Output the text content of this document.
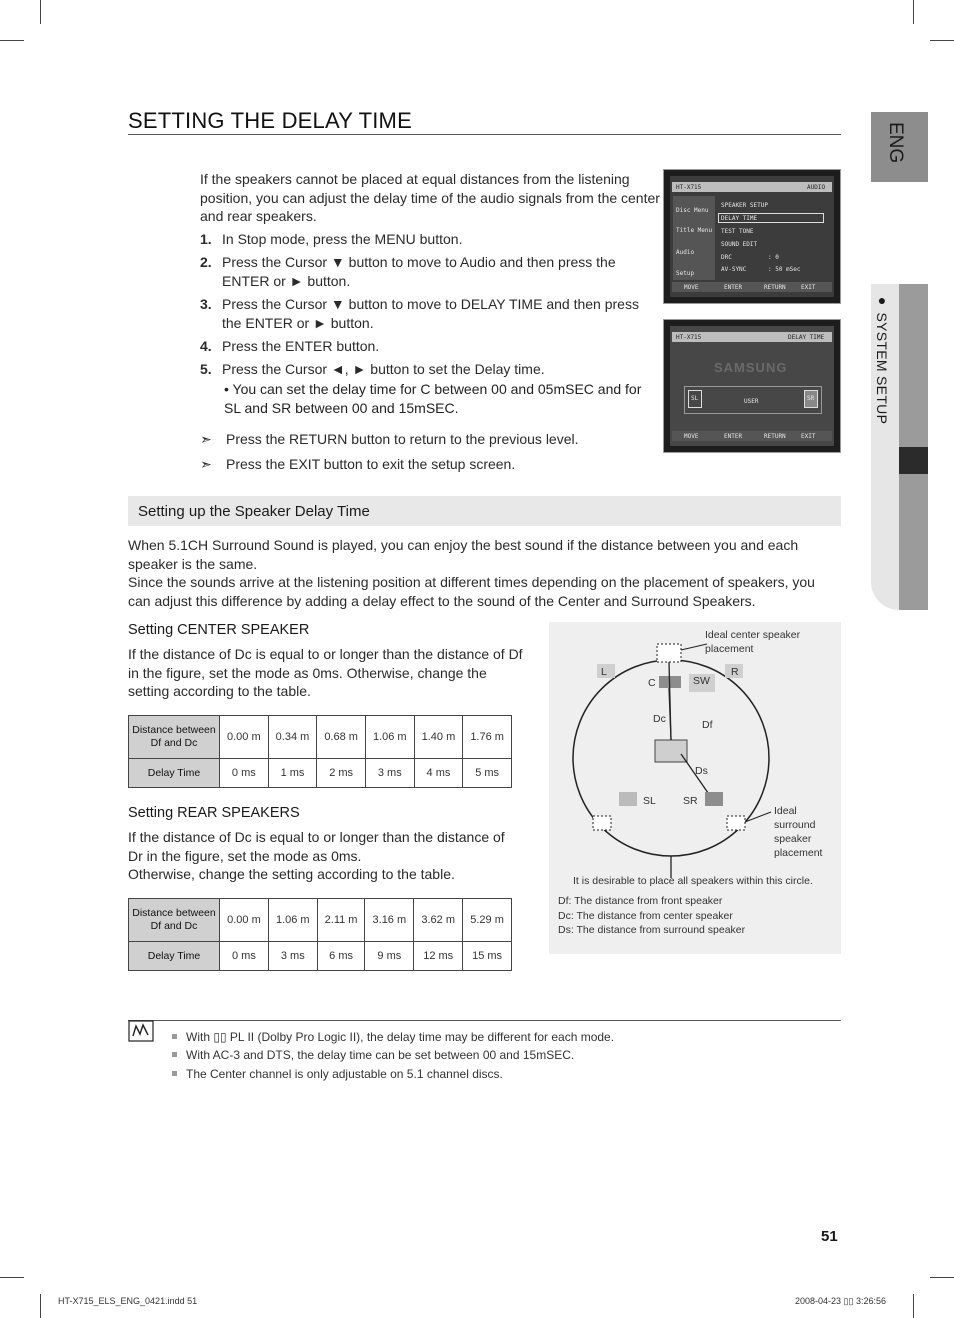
ENG
● SYSTEM SETUP
SETTING THE DELAY TIME

If the speakers cannot be placed at equal distances from the listening position, you can adjust the delay time of the audio signals from the center and rear speakers.

1. In Stop mode, press the MENU button.
2. Press the Cursor ▼ button to move to Audio and then press the ENTER or ► button.
3. Press the Cursor ▼ button to move to DELAY TIME and then press the ENTER or ► button.
4. Press the ENTER button.
5. Press the Cursor ◄, ► button to set the Delay time.

• You can set the delay time for C between 00 and 05mSEC and for SL and SR between 00 and 15mSEC.

➣ Press the RETURN button to return to the previous level.
➣ Press the EXIT button to exit the setup screen.
HT-X715	AUDIO
Disc Menu
Title Menu
Audio
Setup
SPEAKER SETUP
DELAY TIME
TEST TONE
SOUND EDIT
DRC	: 0
AV-SYNC	: 50 mSec
MOVE	ENTER	RETURN	EXIT
HT-X715	DELAY TIME
SAMSUNG
SL	SR
USER
MOVE	ENTER	RETURN	EXIT
Setting up the Speaker Delay Time

When 5.1CH Surround Sound is played, you can enjoy the best sound if the distance between you and each speaker is the same.

Since the sounds arrive at the listening position at different times depending on the placement of speakers, you can adjust this difference by adding a delay effect to the sound of the Center and Surround Speakers.

Setting CENTER SPEAKER

If the distance of Dc is equal to or longer than the distance of Df in the figure, set the mode as 0ms. Otherwise, change the setting according to the table.

Distance between Df and Dc	0.00 m	0.34 m	0.68 m	1.06 m	1.40 m	1.76 m
Delay Time	0 ms	1 ms	2 ms	3 ms	4 ms	5 ms
Setting REAR SPEAKERS

If the distance of Dc is equal to or longer than the distance of Dr in the figure, set the mode as 0ms.

Otherwise, change the setting according to the table.

Distance between Df and Dc	0.00 m	1.06 m	2.11 m	3.16 m	3.62 m	5.29 m
Delay Time	0 ms	3 ms	6 ms	9 ms	12 ms	15 ms
Ideal center speaker placement
L	R
C	SW
Dc	Df
Ds
SL	SR
Ideal surround speaker placement
It is desirable to place all speakers within this circle.
Df: The distance from front speaker
Dc: The distance from center speaker
Ds: The distance from surround speaker
With ▯▯ PL II (Dolby Pro Logic II), the delay time may be different for each mode.
With AC-3 and DTS, the delay time can be set between 00 and 15mSEC.
The Center channel is only adjustable on 5.1 channel discs.
51
HT-X715_ELS_ENG_0421.indd 51	2008-04-23 ▯▯ 3:26:56
